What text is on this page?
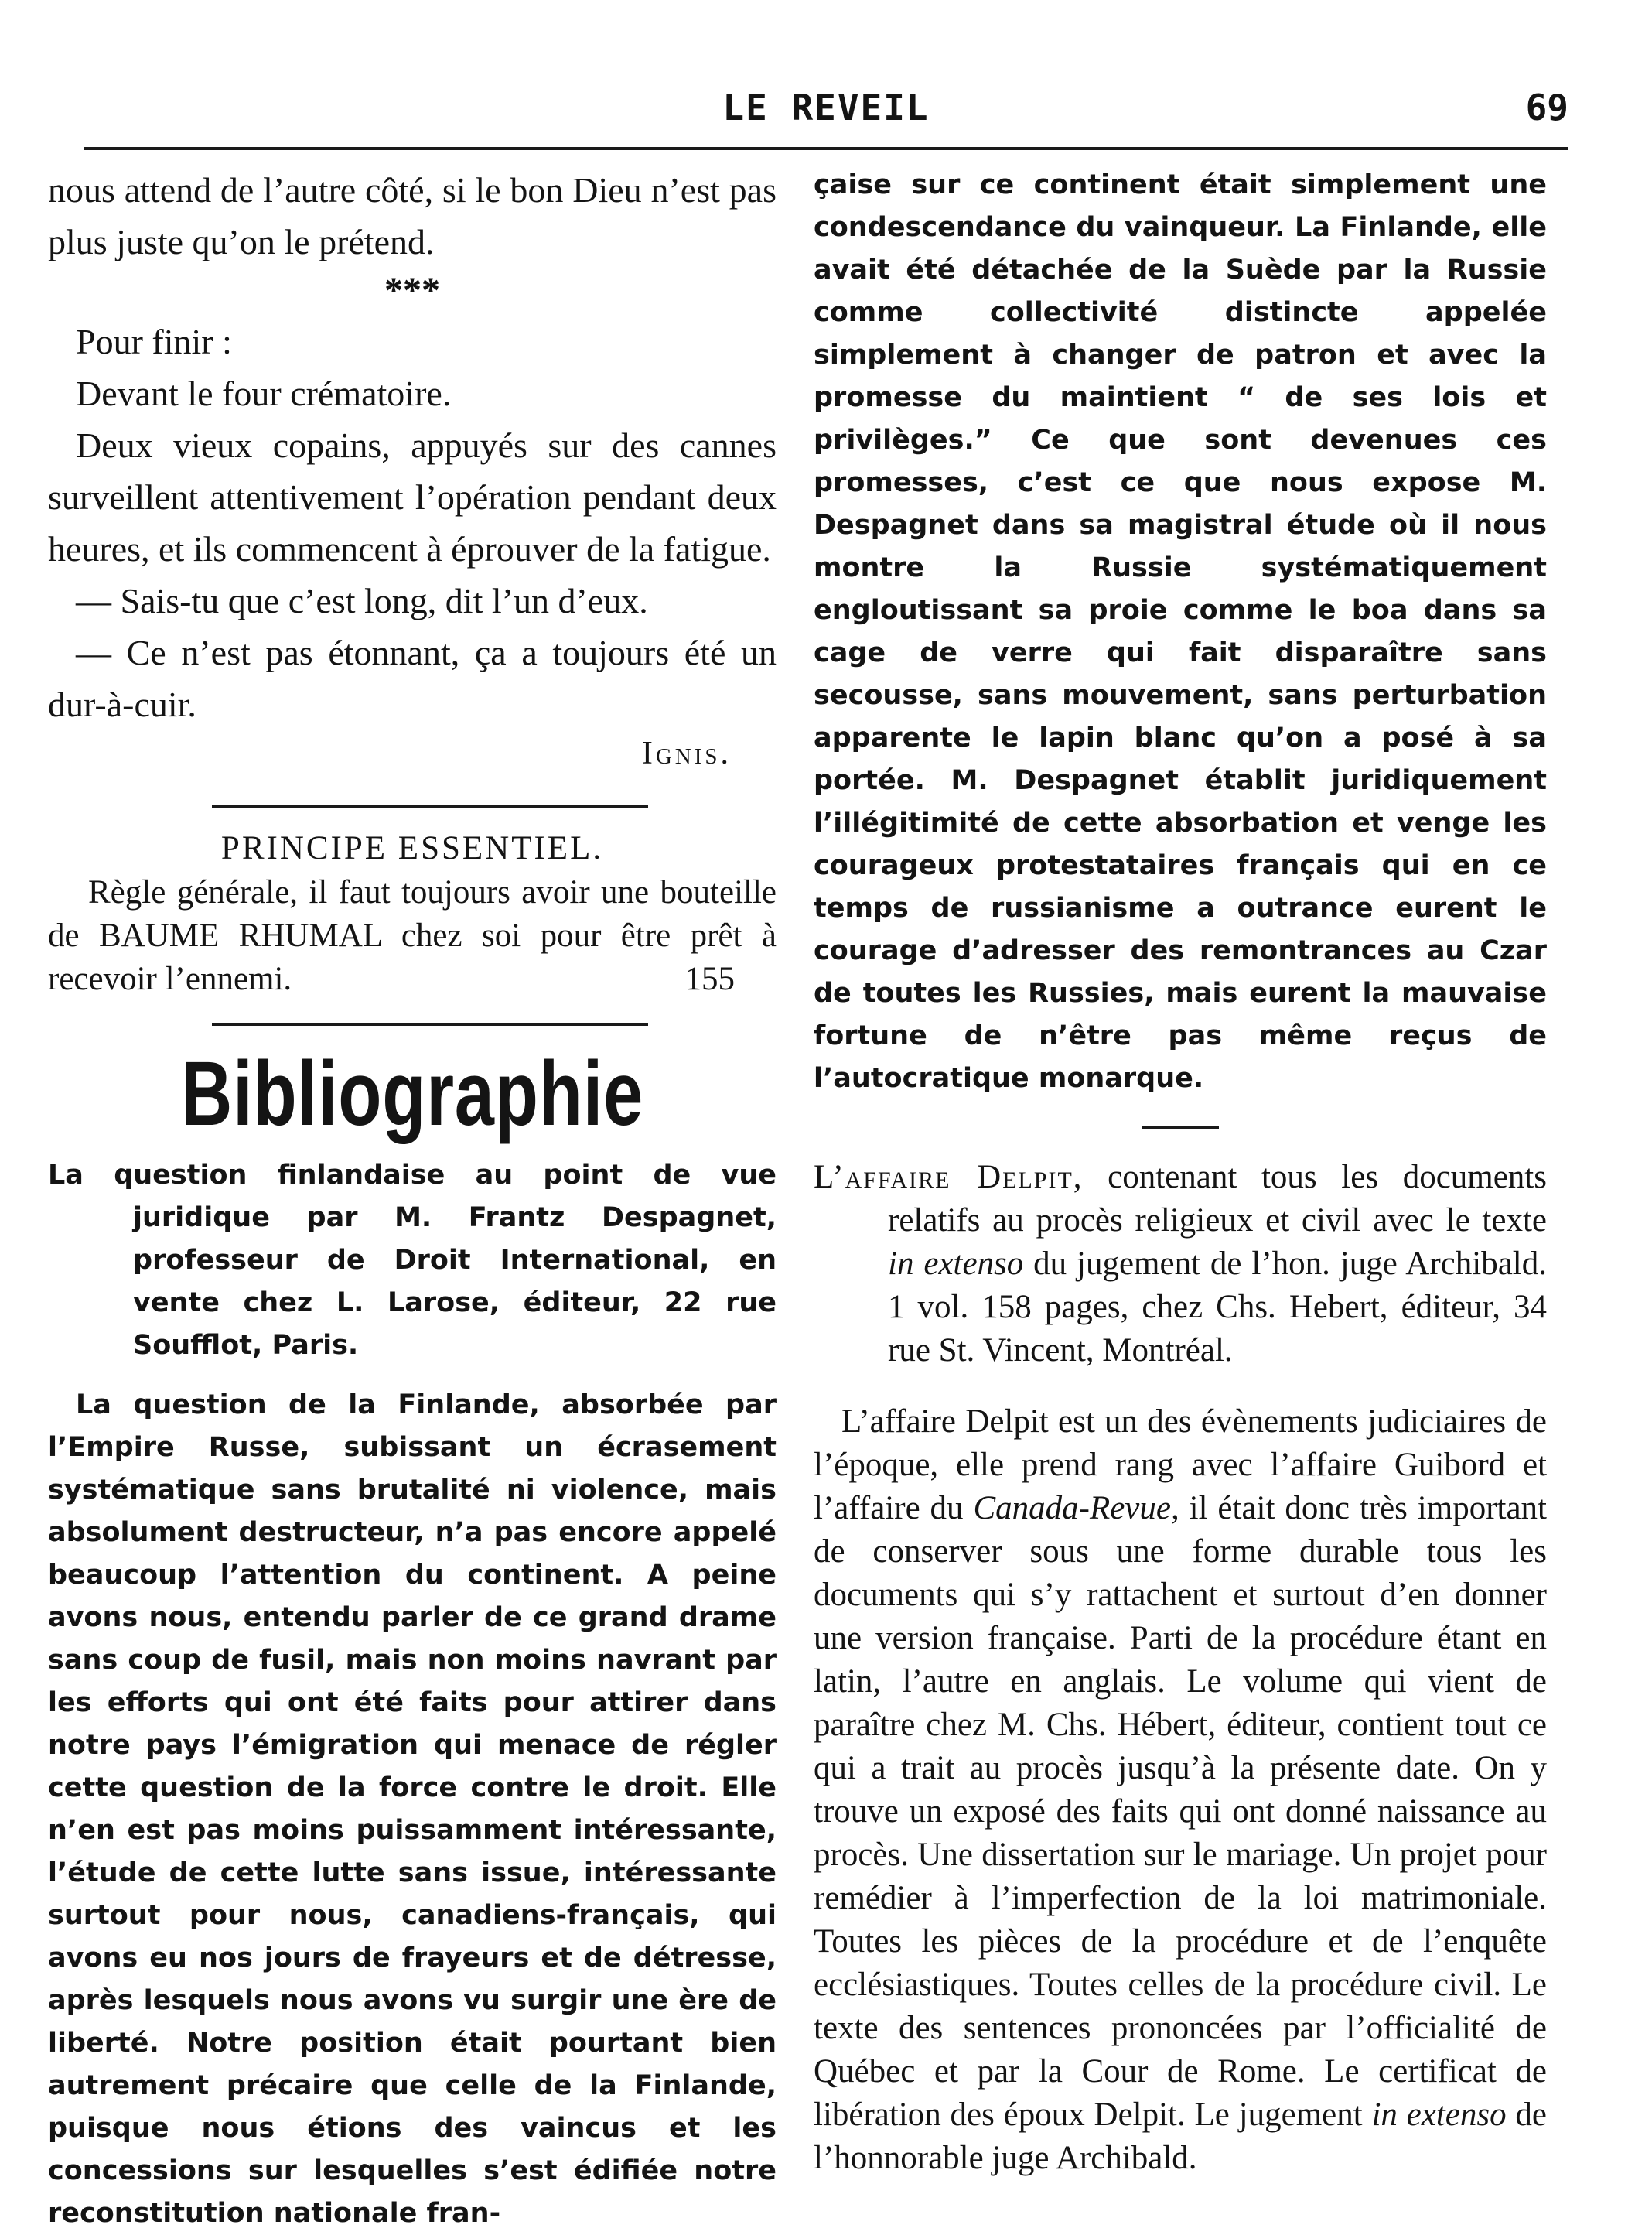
LE REVEIL	69

nous attend de l’autre côté, si le bon Dieu n’est pas plus juste qu’on le prétend.

***

Pour finir :

Devant le four crématoire.

Deux vieux copains, appuyés sur des cannes surveillent attentivement l’opération pendant deux heures, et ils commencent à éprouver de la fatigue.

— Sais-tu que c’est long, dit l’un d’eux.

— Ce n’est pas étonnant, ça a toujours été un dur-à-cuir.

Ignis.
PRINCIPE ESSENTIEL.

Règle générale, il faut toujours avoir une bouteille de BAUME RHUMAL chez soi pour être prêt à recevoir l’ennemi.	155

Bibliographie

La question finlandaise au point de vue juridique par M. Frantz Despagnet, professeur de Droit International, en vente chez L. Larose, éditeur, 22 rue Soufflot, Paris.

La question de la Finlande, absorbée par l’Empire Russe, subissant un écrasement systématique sans brutalité ni violence, mais absolument destructeur, n’a pas encore appelé beaucoup l’attention du continent. A peine avons nous, entendu parler de ce grand drame sans coup de fusil, mais non moins navrant par les efforts qui ont été faits pour attirer dans notre pays l’émigration qui menace de régler cette question de la force contre le droit. Elle n’en est pas moins puissamment intéressante, l’étude de cette lutte sans issue, intéressante surtout pour nous, canadiens-français, qui avons eu nos jours de frayeurs et de détresse, après lesquels nous avons vu surgir une ère de liberté. Notre position était pourtant bien autrement précaire que celle de la Finlande, puisque nous étions des vaincus et les concessions sur lesquelles s’est édifiée notre reconstitution nationale fran-

çaise sur ce continent était simplement une condescendance du vainqueur. La Finlande, elle avait été détachée de la Suède par la Russie comme collectivité distincte appelée simplement à changer de patron et avec la promesse du maintient “ de ses lois et privilèges.” Ce que sont devenues ces promesses, c’est ce que nous expose M. Despagnet dans sa magistral étude où il nous montre la Russie systématiquement engloutissant sa proie comme le boa dans sa cage de verre qui fait disparaître sans secousse, sans mouvement, sans perturbation apparente le lapin blanc qu’on a posé à sa portée. M. Despagnet établit juridiquement l’illégitimité de cette absorbation et venge les courageux protestataires français qui en ce temps de russianisme a outrance eurent le courage d’adresser des remontrances au Czar de toutes les Russies, mais eurent la mauvaise fortune de n’être pas même reçus de l’autocratique monarque.

L’affaire Delpit, contenant tous les documents relatifs au procès religieux et civil avec le texte in extenso du jugement de l’hon. juge Archibald. 1 vol. 158 pages, chez Chs. Hebert, éditeur, 34 rue St. Vincent, Montréal.

L’affaire Delpit est un des évènements judiciaires de l’époque, elle prend rang avec l’affaire Guibord et l’affaire du Canada-Revue, il était donc très important de conserver sous une forme durable tous les documents qui s’y rattachent et surtout d’en donner une version française. Parti de la procédure étant en latin, l’autre en anglais. Le volume qui vient de paraître chez M. Chs. Hébert, éditeur, contient tout ce qui a trait au procès jusqu’à la présente date. On y trouve un exposé des faits qui ont donné naissance au procès. Une dissertation sur le mariage. Un projet pour remédier à l’imperfection de la loi matrimoniale. Toutes les pièces de la procédure et de l’enquête ecclésiastiques. Toutes celles de la procédure civil. Le texte des sentences prononcées par l’officialité de Québec et par la Cour de Rome. Le certificat de libération des époux Delpit. Le jugement in extenso de l’honnorable juge Archibald.
